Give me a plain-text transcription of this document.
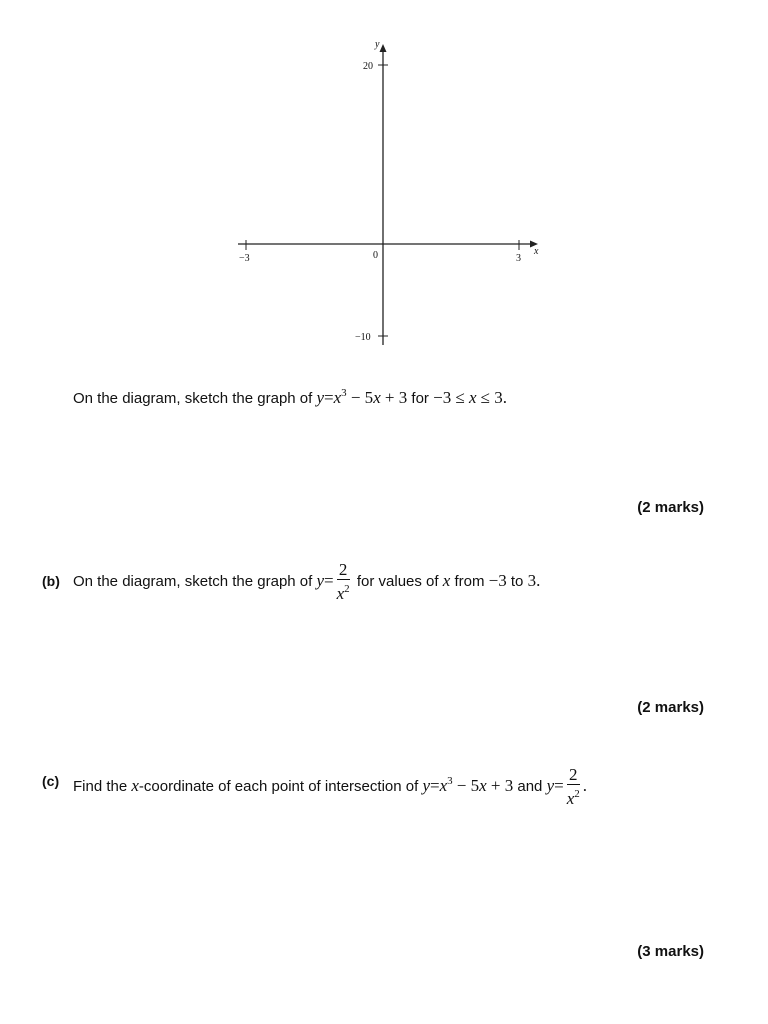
y
x
20
−10
0
−3	3
On the diagram, sketch the graph of $y=x^3 - 5x + 3$ for −3 ≤ x ≤ 3.
(2 marks)
(b) On the diagram, sketch the graph of $y= \frac{2}{x^2}$ for values of x from −3 to 3.
(2 marks)
(c) Find the x-coordinate of each point of intersection of $y=x^3 - 5x + 3$ and $y= \frac{2}{x^2}$ .
(3 marks)
